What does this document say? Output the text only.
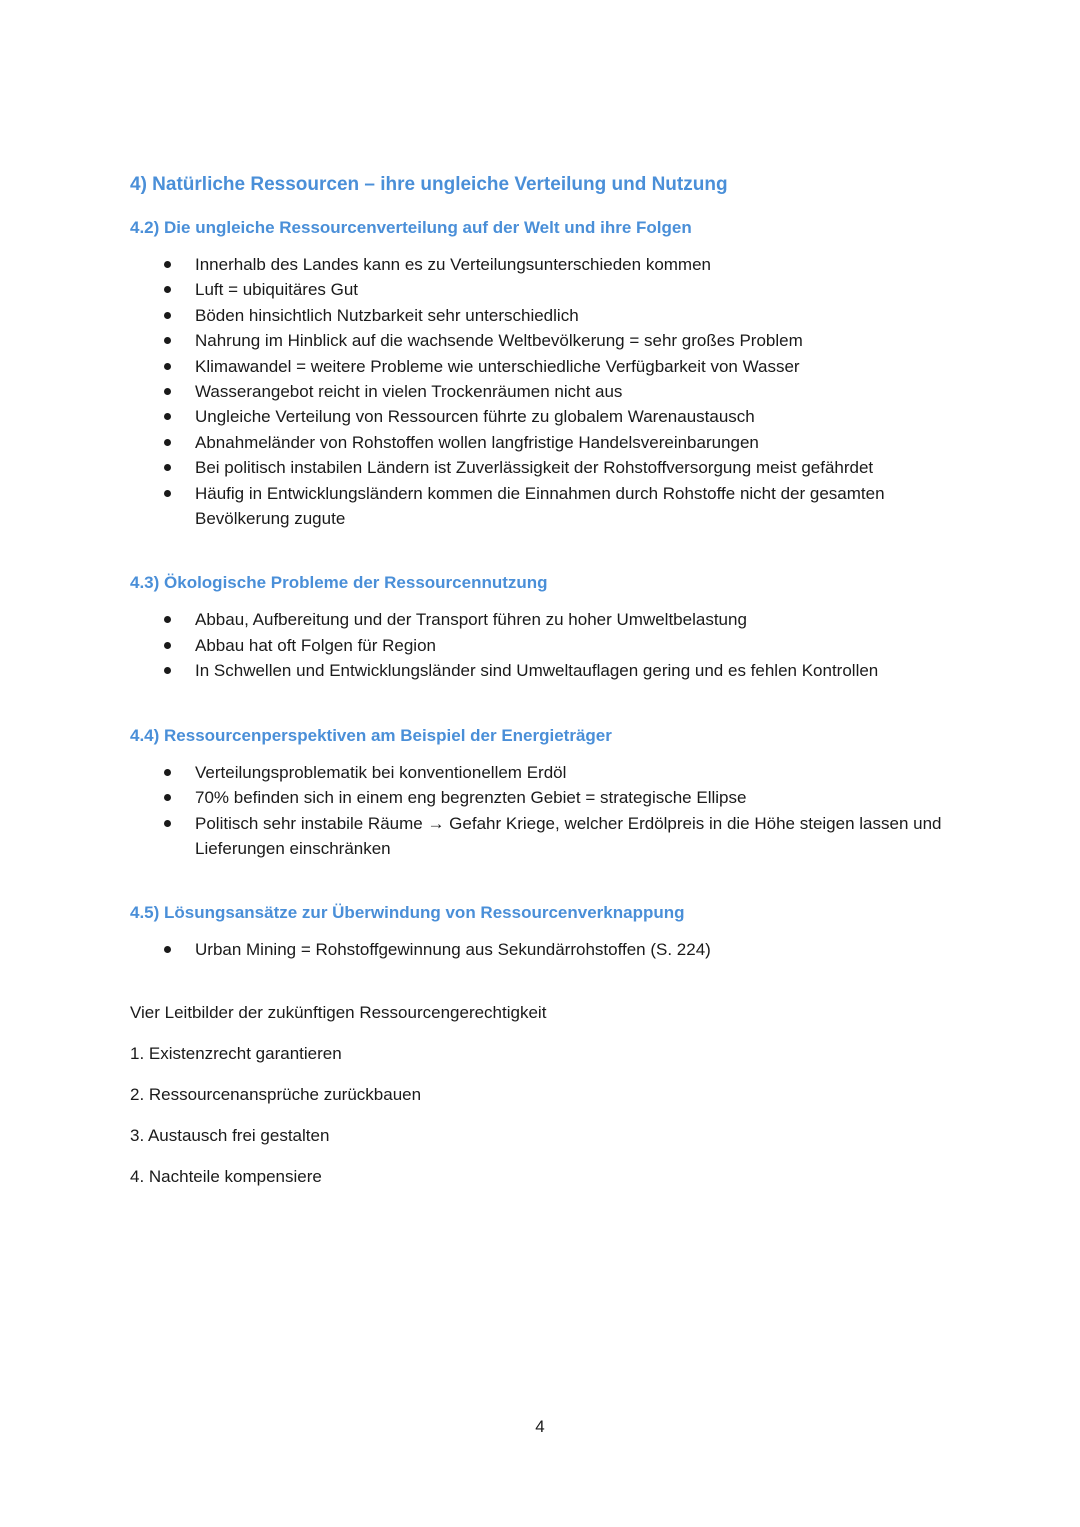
4) Natürliche Ressourcen – ihre ungleiche Verteilung und Nutzung
4.2) Die ungleiche Ressourcenverteilung auf der Welt und ihre Folgen
Innerhalb des Landes kann es zu Verteilungsunterschieden kommen
Luft = ubiquitäres Gut
Böden hinsichtlich Nutzbarkeit sehr unterschiedlich
Nahrung im Hinblick auf die wachsende Weltbevölkerung = sehr großes Problem
Klimawandel = weitere Probleme wie unterschiedliche Verfügbarkeit von Wasser
Wasserangebot reicht in vielen Trockenräumen nicht aus
Ungleiche Verteilung von Ressourcen führte zu globalem Warenaustausch
Abnahmeländer von Rohstoffen wollen langfristige Handelsvereinbarungen
Bei politisch instabilen Ländern ist Zuverlässigkeit der Rohstoffversorgung meist gefährdet
Häufig in Entwicklungsländern kommen die Einnahmen durch Rohstoffe nicht der gesamten Bevölkerung zugute
4.3) Ökologische Probleme der Ressourcennutzung
Abbau, Aufbereitung und der Transport führen zu hoher Umweltbelastung
Abbau hat oft Folgen für Region
In Schwellen und Entwicklungsländer sind Umweltauflagen gering und es fehlen Kontrollen
4.4) Ressourcenperspektiven am Beispiel der Energieträger
Verteilungsproblematik bei konventionellem Erdöl
70% befinden sich in einem eng begrenzten Gebiet = strategische Ellipse
Politisch sehr instabile Räume → Gefahr Kriege, welcher Erdölpreis in die Höhe steigen lassen und Lieferungen einschränken
4.5) Lösungsansätze zur Überwindung von Ressourcenverknappung
Urban Mining = Rohstoffgewinnung aus Sekundärrohstoffen (S. 224)

Vier Leitbilder der zukünftigen Ressourcengerechtigkeit

1. Existenzrecht garantieren

2. Ressourcenansprüche zurückbauen

3. Austausch frei gestalten

4. Nachteile kompensiere

4
